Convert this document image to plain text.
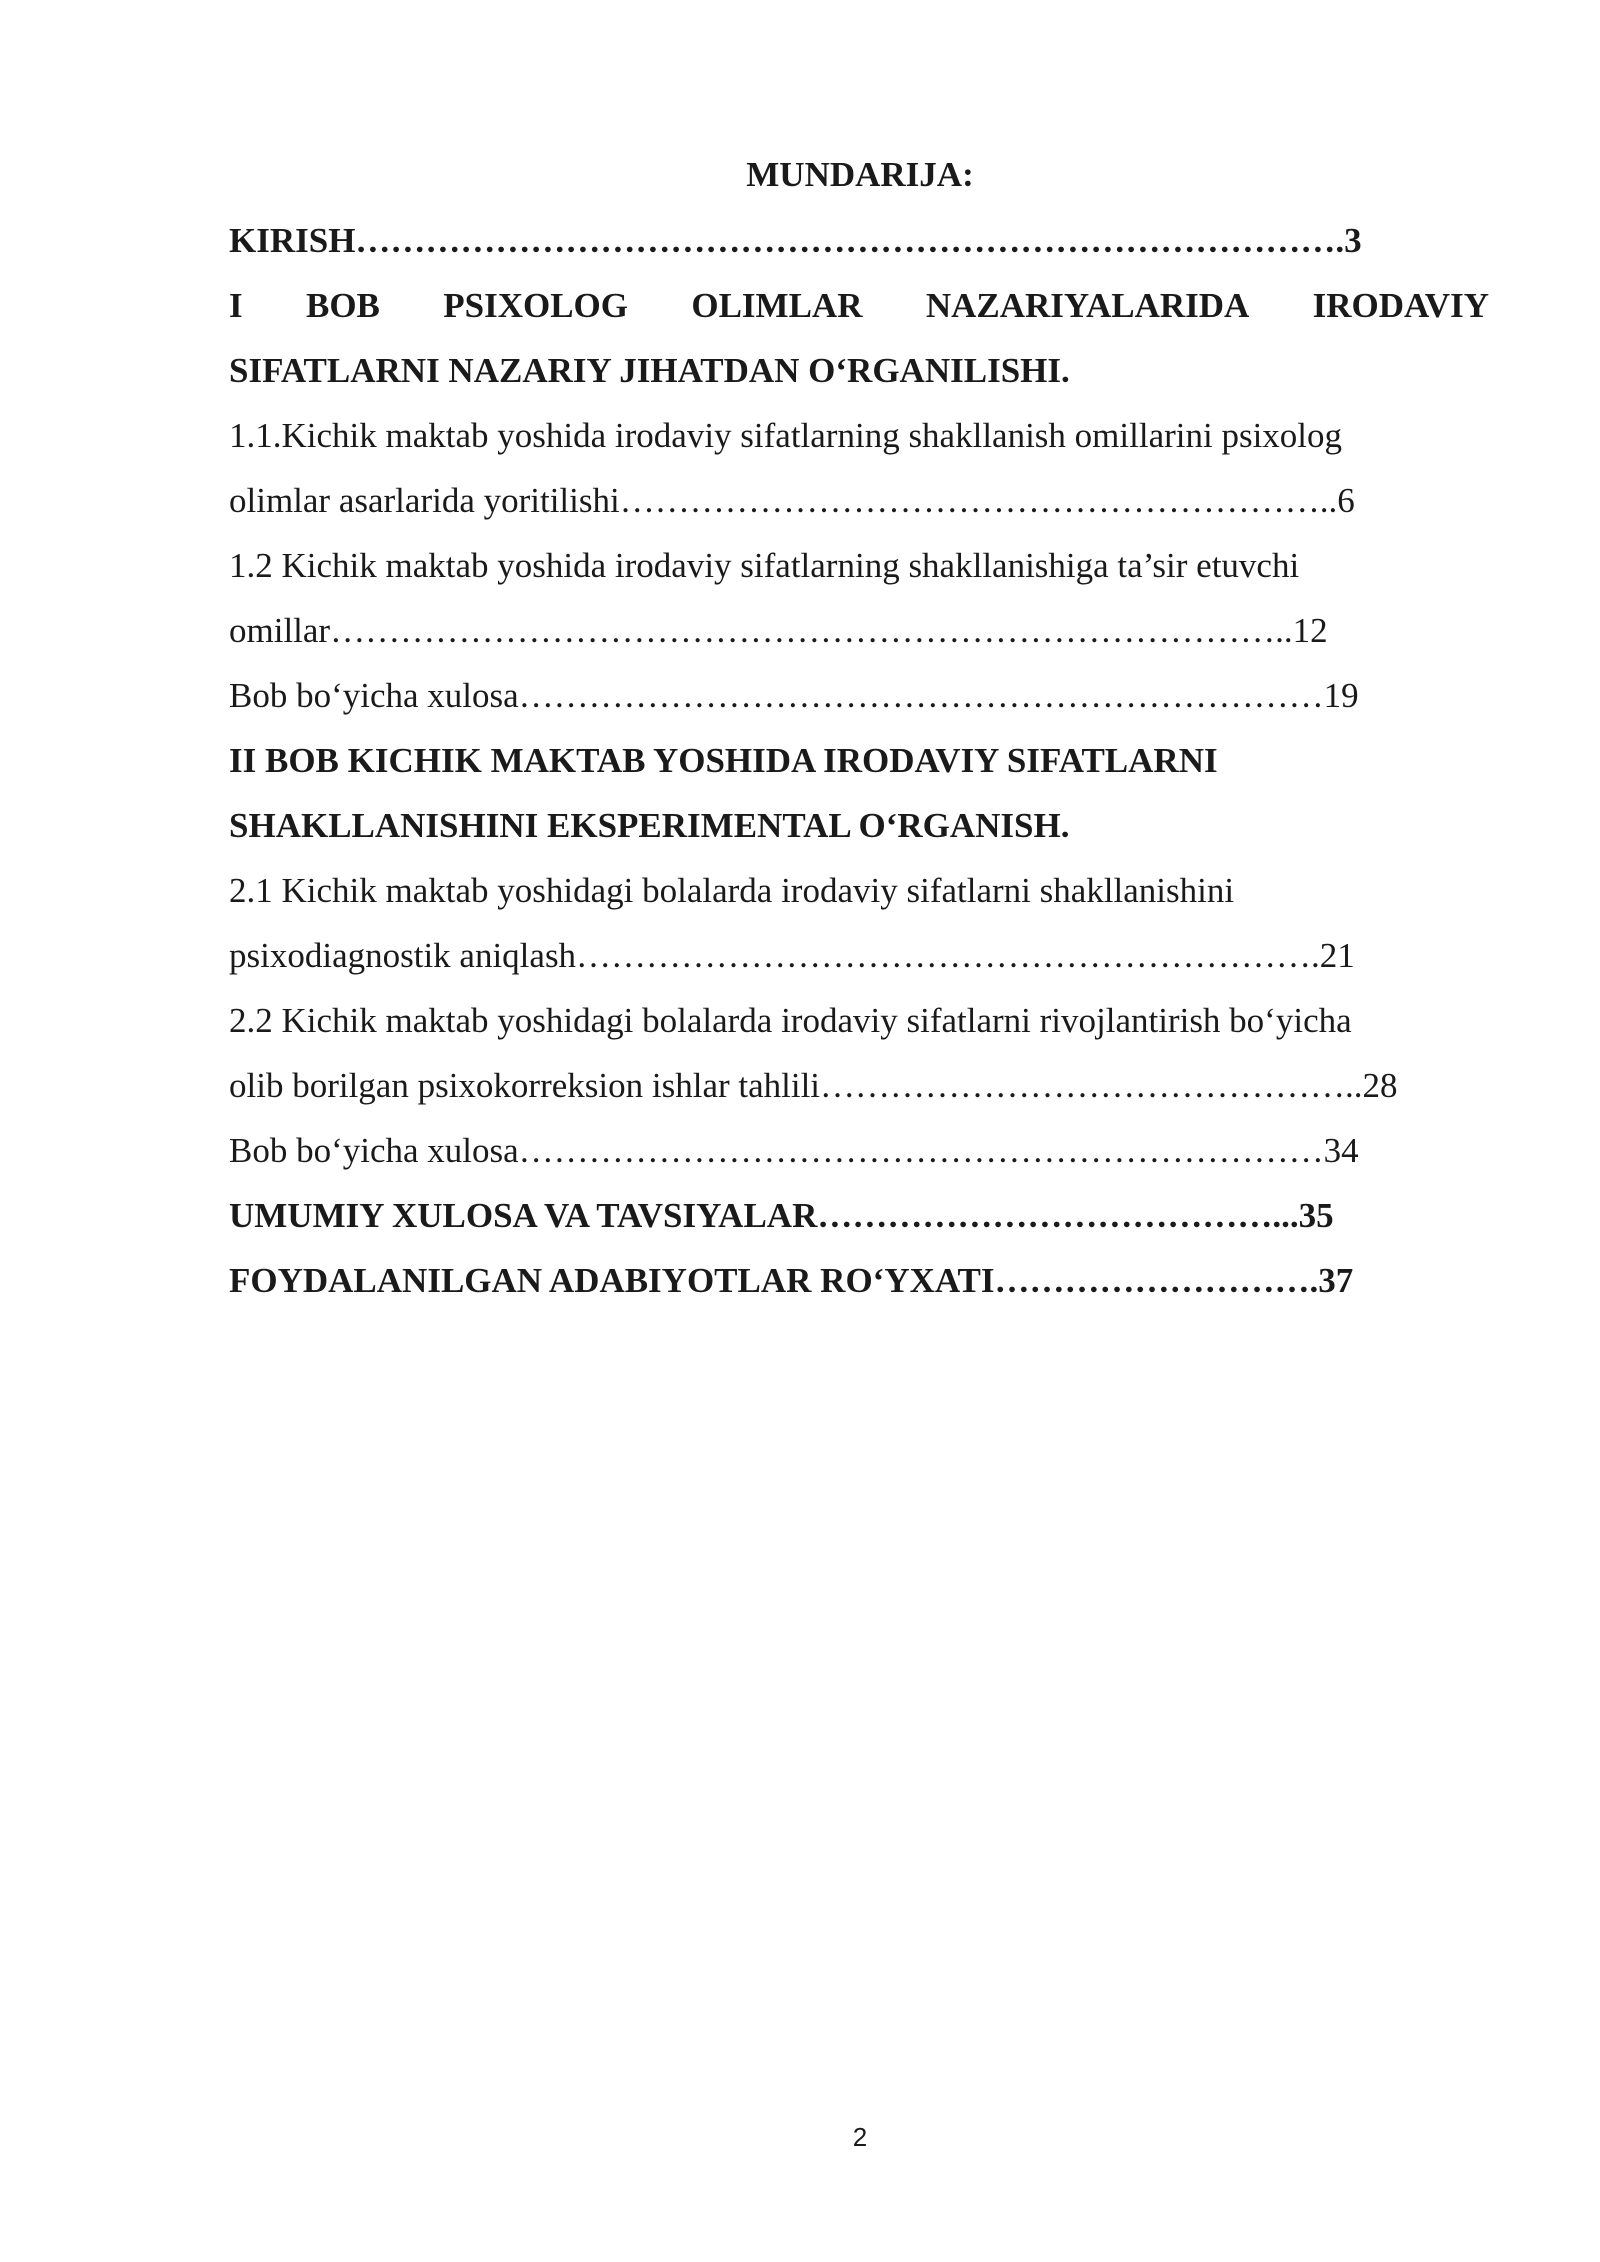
MUNDARIJA:
KIRISH………………………………………………………………………….3
I BOB PSIXOLOG OLIMLAR NAZARIYALARIDA IRODAVIY
SIFATLARNI NAZARIY JIHATDAN O‘RGANILISHI.
1.1.Kichik maktab yoshida irodaviy sifatlarning shakllanish omillarini psixolog
olimlar asarlarida yoritilishi……………………………………………………..6
1.2 Kichik maktab yoshida irodaviy sifatlarning shakllanishiga ta’sir etuvchi
omillar………………………………………………………………………..12
Bob bo‘yicha xulosa……………………………………………………………19
II BOB KICHIK MAKTAB YOSHIDA IRODAVIY SIFATLARNI
SHAKLLANISHINI EKSPERIMENTAL O‘RGANISH.
2.1 Kichik maktab yoshidagi bolalarda irodaviy sifatlarni shakllanishini
psixodiagnostik aniqlash……………………………………………………….21
2.2 Kichik maktab yoshidagi bolalarda irodaviy sifatlarni rivojlantirish bo‘yicha
olib borilgan psixokorreksion ishlar tahlili………………………………………..28
Bob bo‘yicha xulosa……………………………………………………………34
UMUMIY XULOSA VA TAVSIYALAR…………………………………...35
FOYDALANILGAN ADABIYOTLAR RO‘YXATI……………………….37
2
